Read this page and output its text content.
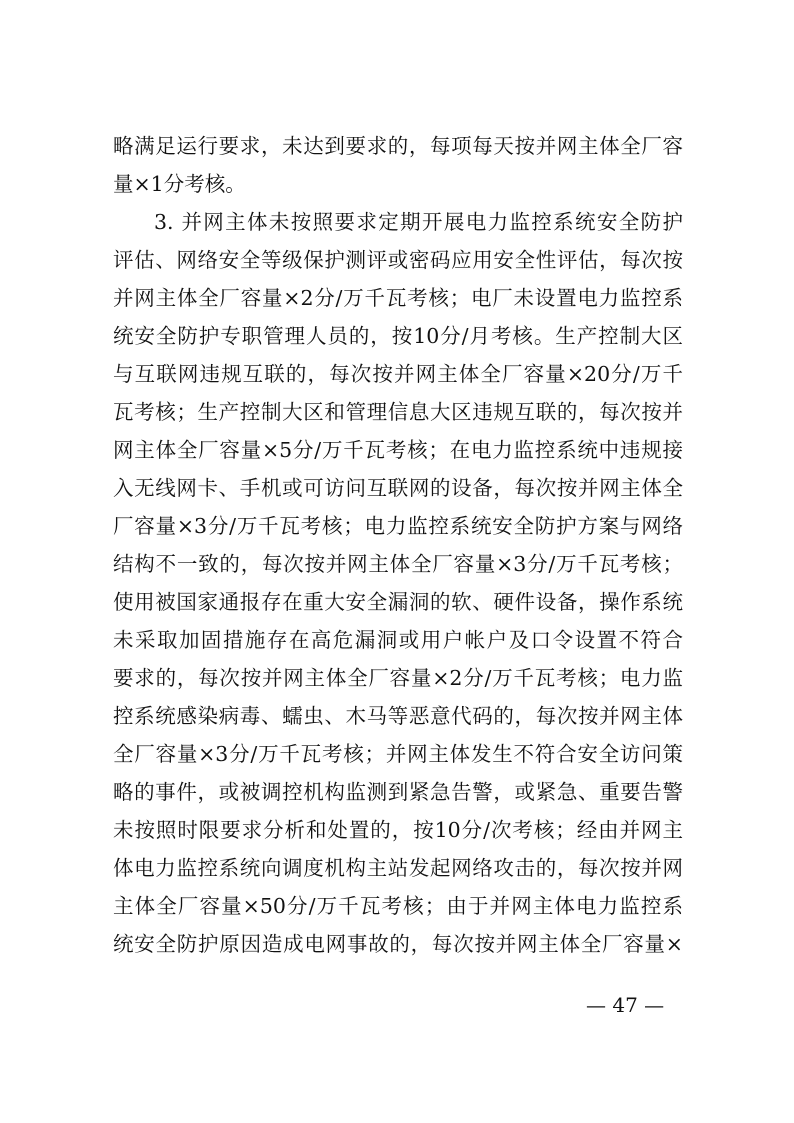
略满足运行要求，未达到要求的，每项每天按并网主体全厂容
量×1分考核。
3. 并网主体未按照要求定期开展电力监控系统安全防护
评估、网络安全等级保护测评或密码应用安全性评估，每次按
并网主体全厂容量×2分/万千瓦考核；电厂未设置电力监控系
统安全防护专职管理人员的，按10分/月考核。生产控制大区
与互联网违规互联的，每次按并网主体全厂容量×20分/万千
瓦考核；生产控制大区和管理信息大区违规互联的，每次按并
网主体全厂容量×5分/万千瓦考核；在电力监控系统中违规接
入无线网卡、手机或可访问互联网的设备，每次按并网主体全
厂容量×3分/万千瓦考核；电力监控系统安全防护方案与网络
结构不一致的，每次按并网主体全厂容量×3分/万千瓦考核；
使用被国家通报存在重大安全漏洞的软、硬件设备，操作系统
未采取加固措施存在高危漏洞或用户帐户及口令设置不符合
要求的，每次按并网主体全厂容量×2分/万千瓦考核；电力监
控系统感染病毒、蠕虫、木马等恶意代码的，每次按并网主体
全厂容量×3分/万千瓦考核；并网主体发生不符合安全访问策
略的事件，或被调控机构监测到紧急告警，或紧急、重要告警
未按照时限要求分析和处置的，按10分/次考核；经由并网主
体电力监控系统向调度机构主站发起网络攻击的，每次按并网
主体全厂容量×50分/万千瓦考核；由于并网主体电力监控系
统安全防护原因造成电网事故的，每次按并网主体全厂容量×
— 47 —
